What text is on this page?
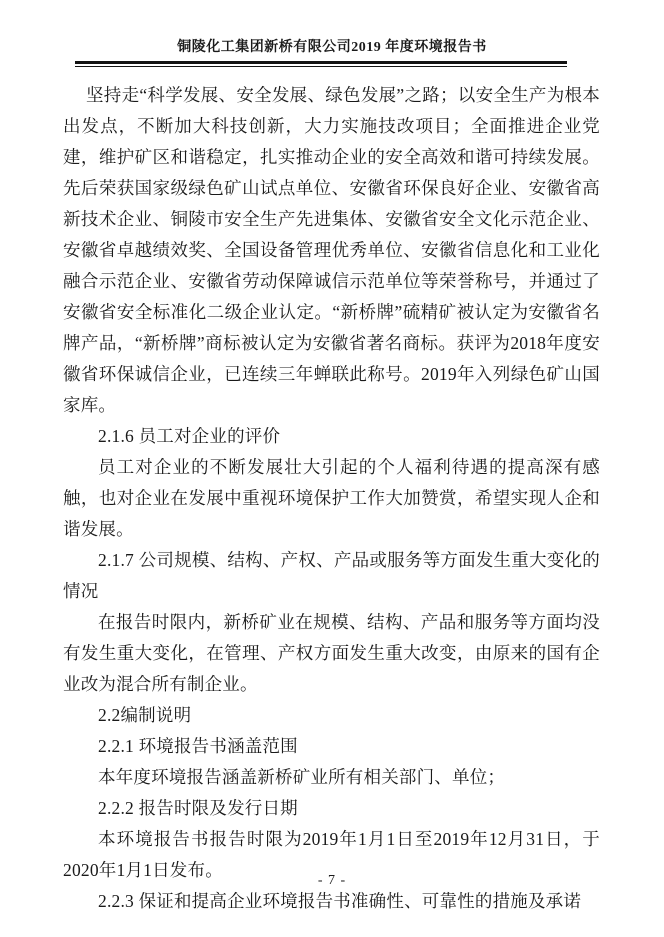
铜陵化工集团新桥有限公司2019 年度环境报告书

坚持走“科学发展、安全发展、绿色发展”之路；以安全生产为根本出发点，不断加大科技创新，大力实施技改项目；全面推进企业党建，维护矿区和谐稳定，扎实推动企业的安全高效和谐可持续发展。先后荣获国家级绿色矿山试点单位、安徽省环保良好企业、安徽省高新技术企业、铜陵市安全生产先进集体、安徽省安全文化示范企业、安徽省卓越绩效奖、全国设备管理优秀单位、安徽省信息化和工业化融合示范企业、安徽省劳动保障诚信示范单位等荣誉称号，并通过了安徽省安全标准化二级企业认定。“新桥牌”硫精矿被认定为安徽省名牌产品，“新桥牌”商标被认定为安徽省著名商标。获评为2018年度安徽省环保诚信企业，已连续三年蝉联此称号。2019年入列绿色矿山国家库。

2.1.6 员工对企业的评价

员工对企业的不断发展壮大引起的个人福利待遇的提高深有感触，也对企业在发展中重视环境保护工作大加赞赏，希望实现人企和谐发展。

2.1.7 公司规模、结构、产权、产品或服务等方面发生重大变化的情况

在报告时限内，新桥矿业在规模、结构、产品和服务等方面均没有发生重大变化，在管理、产权方面发生重大改变，由原来的国有企业改为混合所有制企业。

2.2编制说明

2.2.1 环境报告书涵盖范围

本年度环境报告涵盖新桥矿业所有相关部门、单位；

2.2.2 报告时限及发行日期

本环境报告书报告时限为2019年1月1日至2019年12月31日，于2020年1月1日发布。

2.2.3 保证和提高企业环境报告书准确性、可靠性的措施及承诺

- 7 -
